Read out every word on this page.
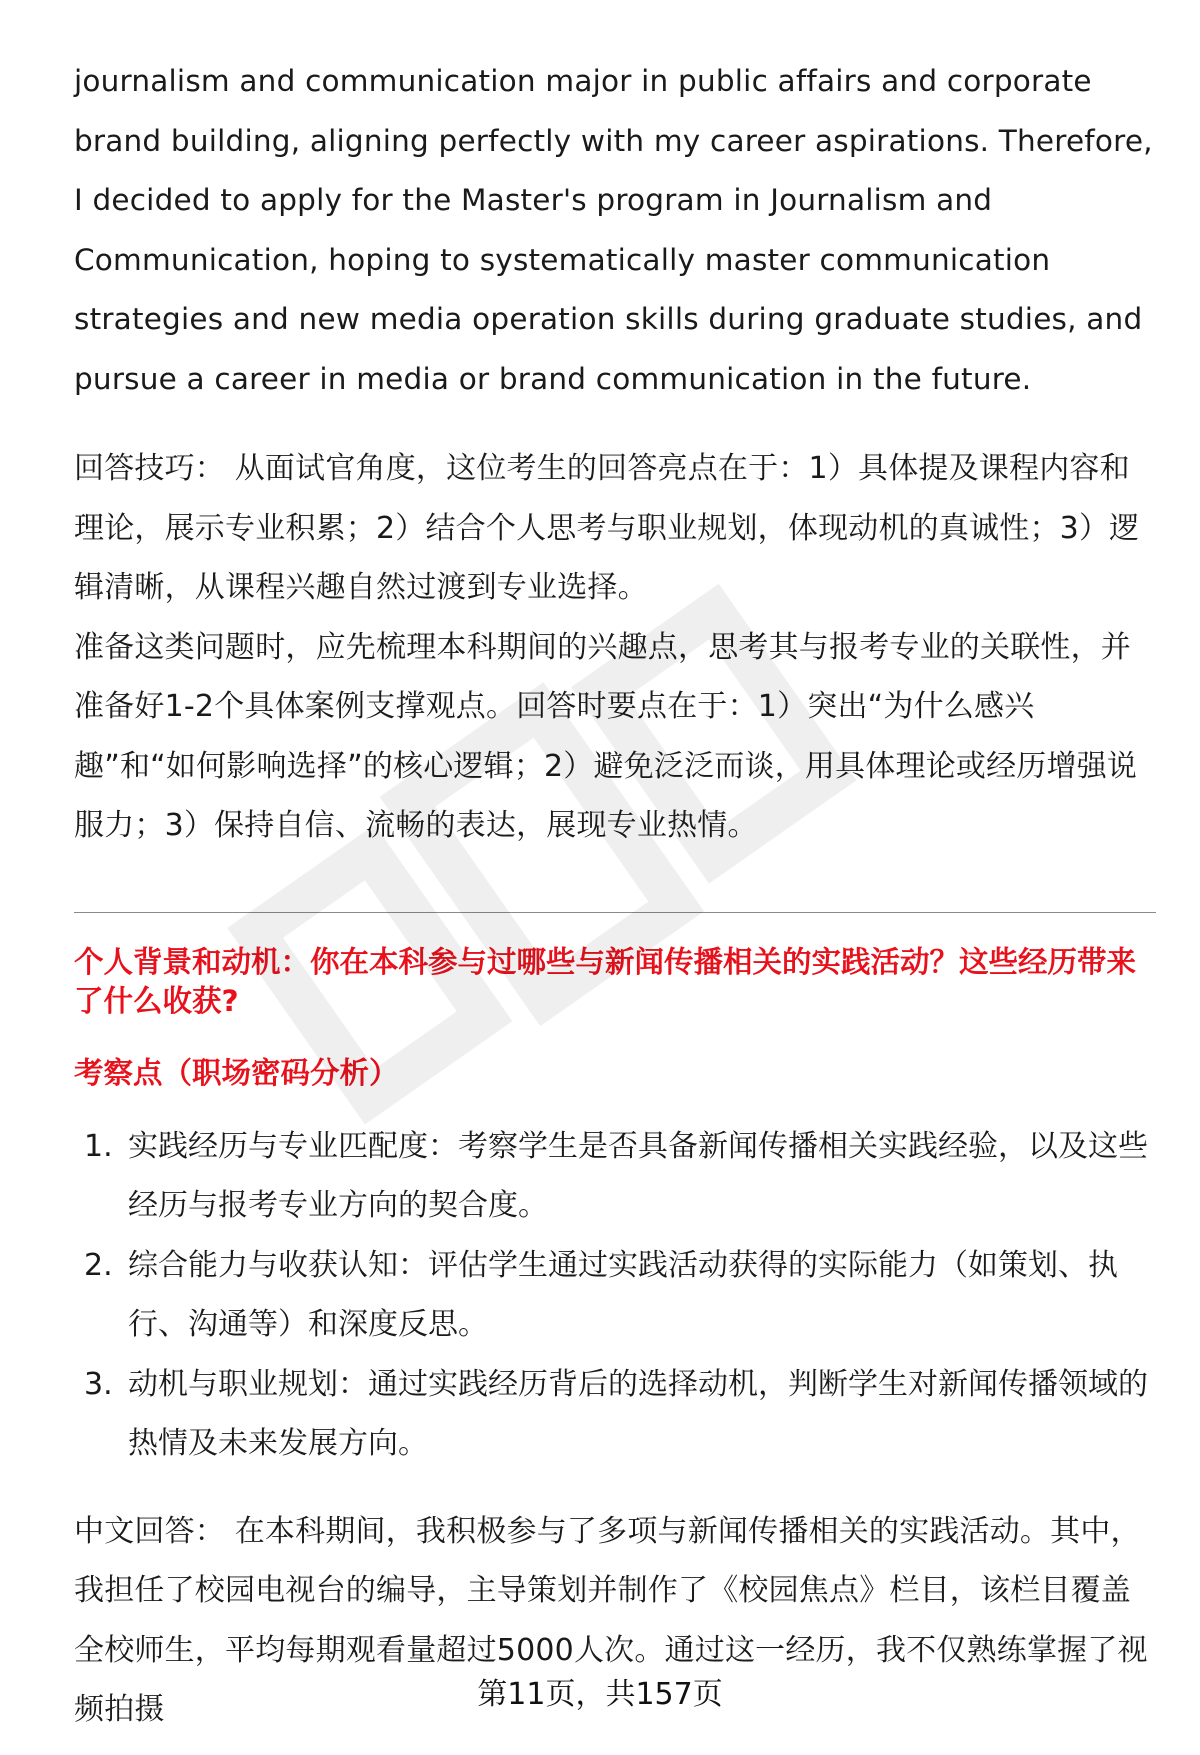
journalism and communication major in public affairs and corporate brand building, aligning perfectly with my career aspirations. Therefore, I decided to apply for the Master's program in Journalism and Communication, hoping to systematically master communication strategies and new media operation skills during graduate studies, and pursue a career in media or brand communication in the future.

回答技巧： 从面试官角度，这位考生的回答亮点在于：1）具体提及课程内容和理论，展示专业积累；2）结合个人思考与职业规划，体现动机的真诚性；3）逻辑清晰，从课程兴趣自然过渡到专业选择。

准备这类问题时，应先梳理本科期间的兴趣点，思考其与报考专业的关联性，并准备好1-2个具体案例支撑观点。回答时要点在于：1）突出“为什么感兴趣”和“如何影响选择”的核心逻辑；2）避免泛泛而谈，用具体理论或经历增强说服力；3）保持自信、流畅的表达，展现专业热情。

个人背景和动机：你在本科参与过哪些与新闻传播相关的实践活动？这些经历带来了什么收获?

考察点（职场密码分析）

1. 实践经历与专业匹配度：考察学生是否具备新闻传播相关实践经验，以及这些经历与报考专业方向的契合度。
2. 综合能力与收获认知：评估学生通过实践活动获得的实际能力（如策划、执行、沟通等）和深度反思。
3. 动机与职业规划：通过实践经历背后的选择动机，判断学生对新闻传播领域的热情及未来发展方向。

中文回答： 在本科期间，我积极参与了多项与新闻传播相关的实践活动。其中，我担任了校园电视台的编导，主导策划并制作了《校园焦点》栏目，该栏目覆盖全校师生，平均每期观看量超过5000人次。通过这一经历，我不仅熟练掌握了视频拍摄	第11页，共157页
